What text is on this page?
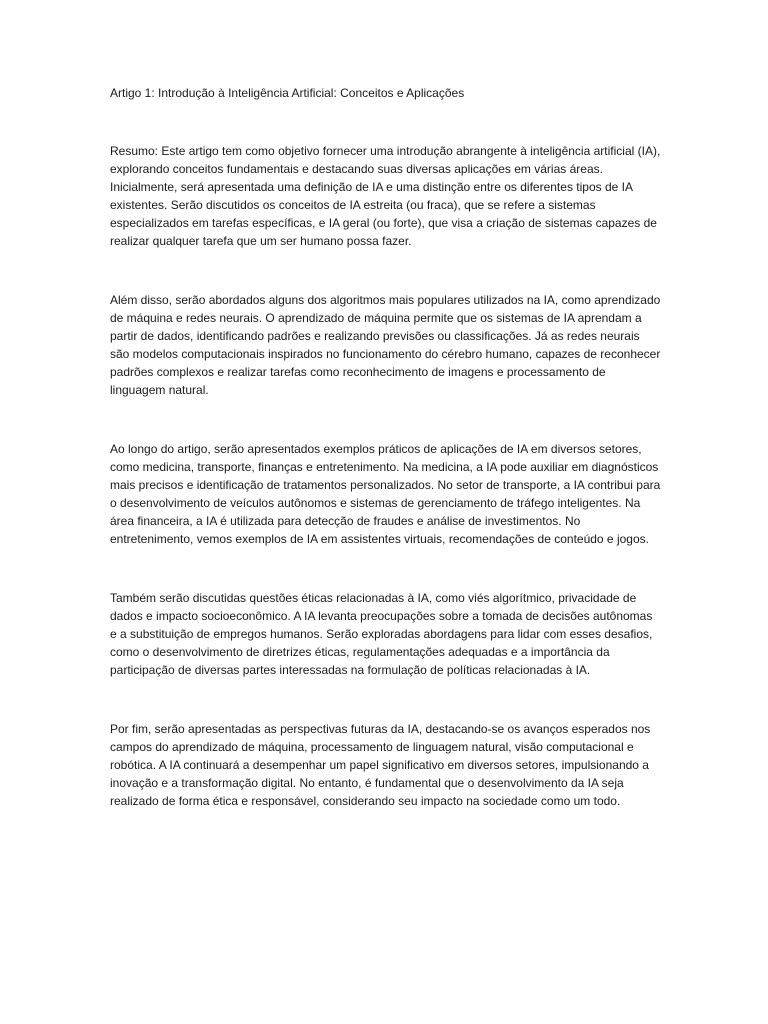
Artigo 1: Introdução à Inteligência Artificial: Conceitos e Aplicações

Resumo: Este artigo tem como objetivo fornecer uma introdução abrangente à inteligência artificial (IA), explorando conceitos fundamentais e destacando suas diversas aplicações em várias áreas. Inicialmente, será apresentada uma definição de IA e uma distinção entre os diferentes tipos de IA existentes. Serão discutidos os conceitos de IA estreita (ou fraca), que se refere a sistemas especializados em tarefas específicas, e IA geral (ou forte), que visa a criação de sistemas capazes de realizar qualquer tarefa que um ser humano possa fazer.

Além disso, serão abordados alguns dos algoritmos mais populares utilizados na IA, como aprendizado de máquina e redes neurais. O aprendizado de máquina permite que os sistemas de IA aprendam a partir de dados, identificando padrões e realizando previsões ou classificações. Já as redes neurais são modelos computacionais inspirados no funcionamento do cérebro humano, capazes de reconhecer padrões complexos e realizar tarefas como reconhecimento de imagens e processamento de linguagem natural.

Ao longo do artigo, serão apresentados exemplos práticos de aplicações de IA em diversos setores, como medicina, transporte, finanças e entretenimento. Na medicina, a IA pode auxiliar em diagnósticos mais precisos e identificação de tratamentos personalizados. No setor de transporte, a IA contribui para o desenvolvimento de veículos autônomos e sistemas de gerenciamento de tráfego inteligentes. Na área financeira, a IA é utilizada para detecção de fraudes e análise de investimentos. No entretenimento, vemos exemplos de IA em assistentes virtuais, recomendações de conteúdo e jogos.

Também serão discutidas questões éticas relacionadas à IA, como viés algorítmico, privacidade de dados e impacto socioeconômico. A IA levanta preocupações sobre a tomada de decisões autônomas e a substituição de empregos humanos. Serão exploradas abordagens para lidar com esses desafios, como o desenvolvimento de diretrizes éticas, regulamentações adequadas e a importância da participação de diversas partes interessadas na formulação de políticas relacionadas à IA.

Por fim, serão apresentadas as perspectivas futuras da IA, destacando-se os avanços esperados nos campos do aprendizado de máquina, processamento de linguagem natural, visão computacional e robótica. A IA continuará a desempenhar um papel significativo em diversos setores, impulsionando a inovação e a transformação digital. No entanto, é fundamental que o desenvolvimento da IA seja realizado de forma ética e responsável, considerando seu impacto na sociedade como um todo.
